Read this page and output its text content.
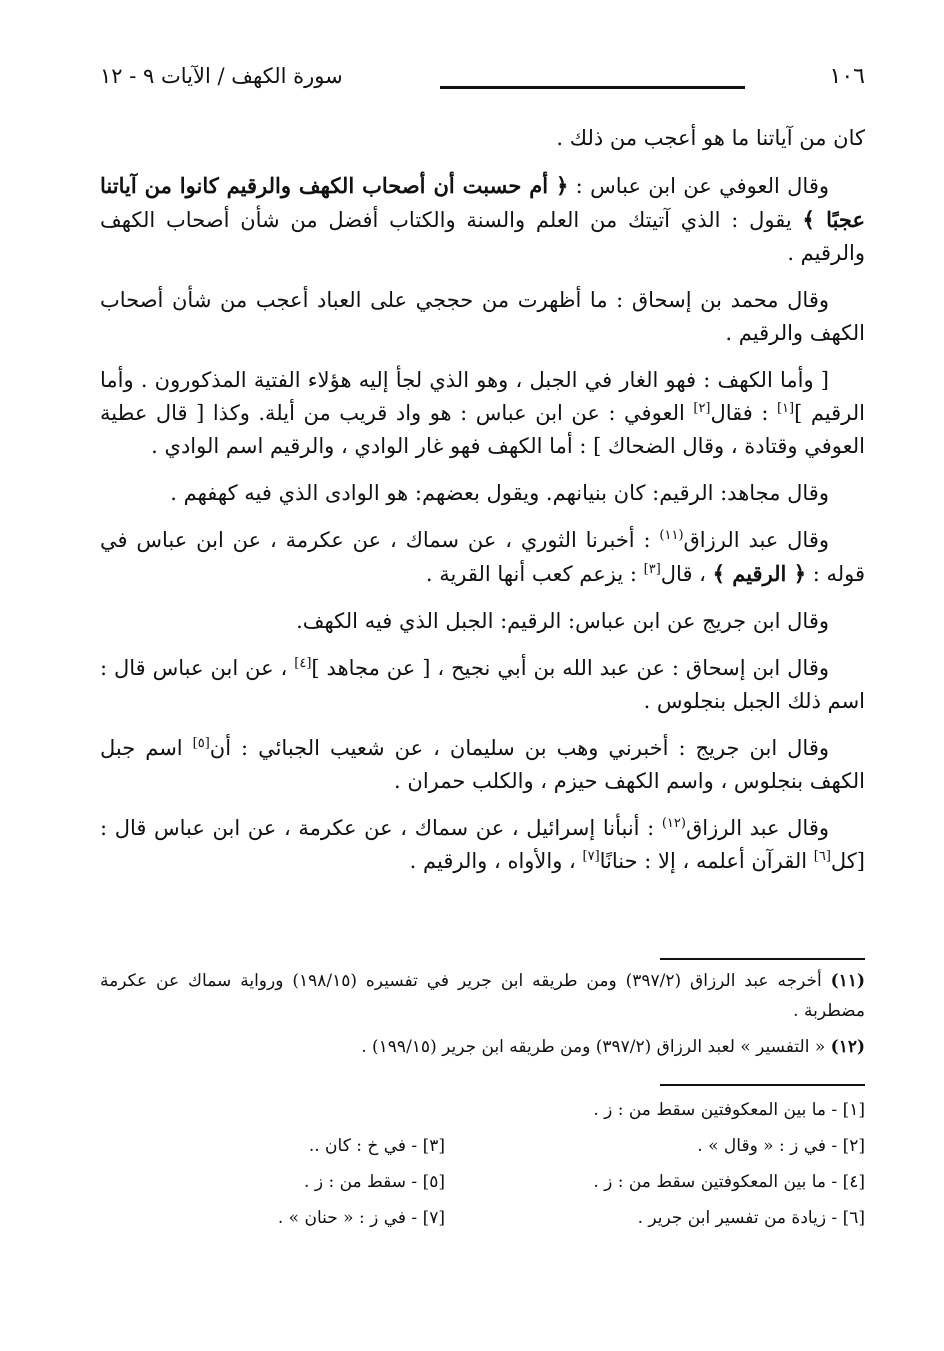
١٠٦
سورة الكهف / الآيات ٩ - ١٢

كان من آياتنا ما هو أعجب من ذلك .

وقال العوفي عن ابن عباس : ﴿ أم حسبت أن أصحاب الكهف والرقيم كانوا من آياتنا عجبًا ﴾ يقول : الذي آتيتك من العلم والسنة والكتاب أفضل من شأن أصحاب الكهف والرقيم .

وقال محمد بن إسحاق : ما أظهرت من حججي على العباد أعجب من شأن أصحاب الكهف والرقيم .

[ وأما الكهف : فهو الغار في الجبل ، وهو الذي لجأ إليه هؤلاء الفتية المذكورون . وأما الرقيم ][١] : فقال[٢] العوفي : عن ابن عباس : هو واد قريب من أيلة. وكذا [ قال عطية العوفي وقتادة ، وقال الضحاك ] : أما الكهف فهو غار الوادي ، والرقيم اسم الوادي .

وقال مجاهد: الرقيم: كان بنيانهم. ويقول بعضهم: هو الوادى الذي فيه كهفهم .

وقال عبد الرزاق$^{(١١)}$ : أخبرنا الثوري ، عن سماك ، عن عكرمة ، عن ابن عباس في قوله : ﴿ الرقيم ﴾ ، قال[٣] : يزعم كعب أنها القرية .

وقال ابن جريج عن ابن عباس: الرقيم: الجبل الذي فيه الكهف.

وقال ابن إسحاق : عن عبد الله بن أبي نجيح ، [ عن مجاهد ][٤] ، عن ابن عباس قال : اسم ذلك الجبل بنجلوس .

وقال ابن جريج : أخبرني وهب بن سليمان ، عن شعيب الجبائي : أن[٥] اسم جبل الكهف بنجلوس ، واسم الكهف حيزم ، والكلب حمران .

وقال عبد الرزاق$^{(١٢)}$ : أنبأنا إسرائيل ، عن سماك ، عن عكرمة ، عن ابن عباس قال : [كل[٦] القرآن أعلمه ، إلا : حنانًا[٧] ، والأواه ، والرقيم .

(١١) أخرجه عبد الرزاق (٣٩٧/٢) ومن طريقه ابن جرير في تفسيره (١٩٨/١٥) ورواية سماك عن عكرمة مضطربة .

(١٢) « التفسير » لعبد الرزاق (٣٩٧/٢) ومن طريقه ابن جرير (١٩٩/١٥) .

[١] - ما بين المعكوفتين سقط من : ز .
[٢] - في ز : « وقال » .
[٣] - في خ : كان ..
[٤] - ما بين المعكوفتين سقط من : ز .
[٥] - سقط من : ز .
[٦] - زيادة من تفسير ابن جرير .
[٧] - في ز : « حنان » .
